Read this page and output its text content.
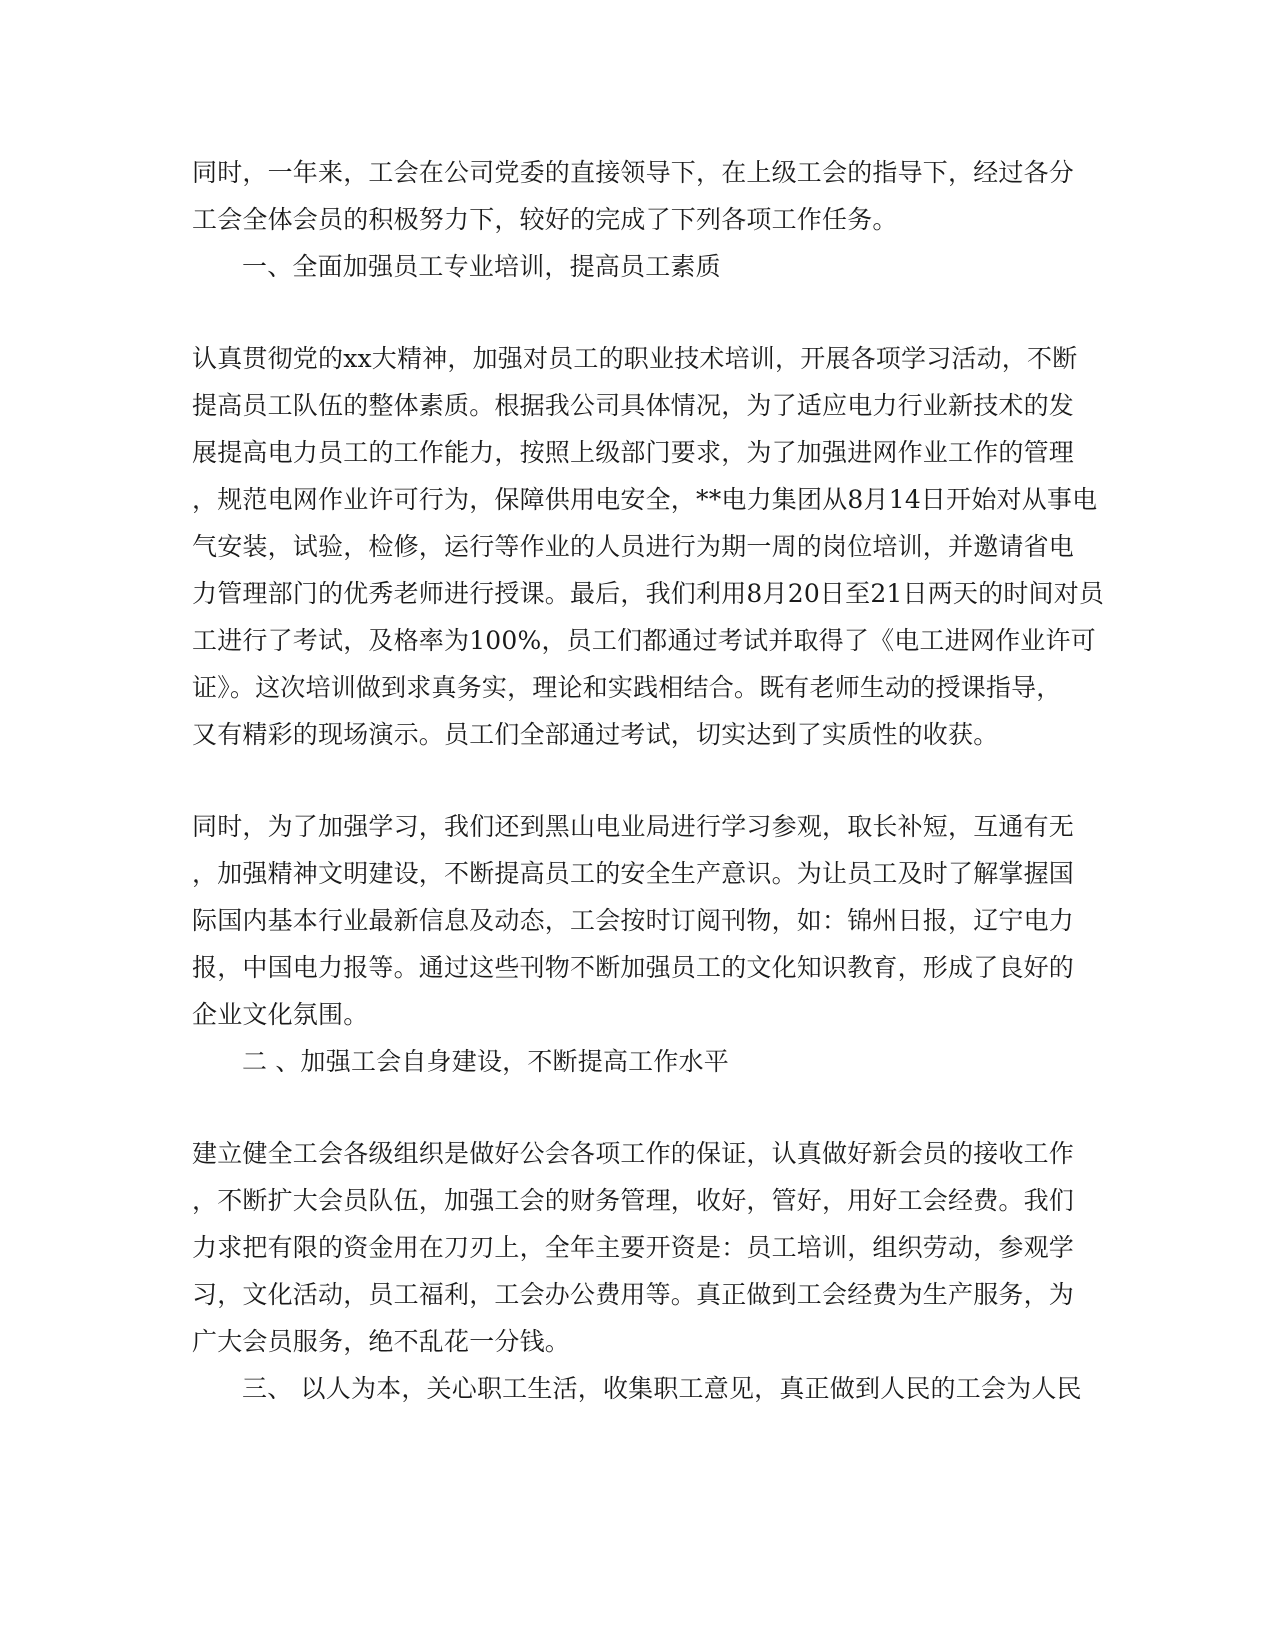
同时，一年来，工会在公司党委的直接领导下，在上级工会的指导下，经过各分
工会全体会员的积极努力下，较好的完成了下列各项工作任务。
一、全面加强员工专业培训，提高员工素质
认真贯彻党的xx大精神，加强对员工的职业技术培训，开展各项学习活动，不断
提高员工队伍的整体素质。根据我公司具体情况，为了适应电力行业新技术的发
展提高电力员工的工作能力，按照上级部门要求，为了加强进网作业工作的管理
，规范电网作业许可行为，保障供用电安全，**电力集团从8月14日开始对从事电
气安装，试验，检修，运行等作业的人员进行为期一周的岗位培训，并邀请省电
力管理部门的优秀老师进行授课。最后，我们利用8月20日至21日两天的时间对员
工进行了考试，及格率为100%，员工们都通过考试并取得了《电工进网作业许可
证》。这次培训做到求真务实，理论和实践相结合。既有老师生动的授课指导，
又有精彩的现场演示。员工们全部通过考试，切实达到了实质性的收获。
同时，为了加强学习，我们还到黑山电业局进行学习参观，取长补短，互通有无
，加强精神文明建设，不断提高员工的安全生产意识。为让员工及时了解掌握国
际国内基本行业最新信息及动态，工会按时订阅刊物，如：锦州日报，辽宁电力
报，中国电力报等。通过这些刊物不断加强员工的文化知识教育，形成了良好的
企业文化氛围。
二 、加强工会自身建设，不断提高工作水平
建立健全工会各级组织是做好公会各项工作的保证，认真做好新会员的接收工作
，不断扩大会员队伍，加强工会的财务管理，收好，管好，用好工会经费。我们
力求把有限的资金用在刀刃上，全年主要开资是：员工培训，组织劳动，参观学
习，文化活动，员工福利，工会办公费用等。真正做到工会经费为生产服务，为
广大会员服务，绝不乱花一分钱。
三、 以人为本，关心职工生活，收集职工意见，真正做到人民的工会为人民
